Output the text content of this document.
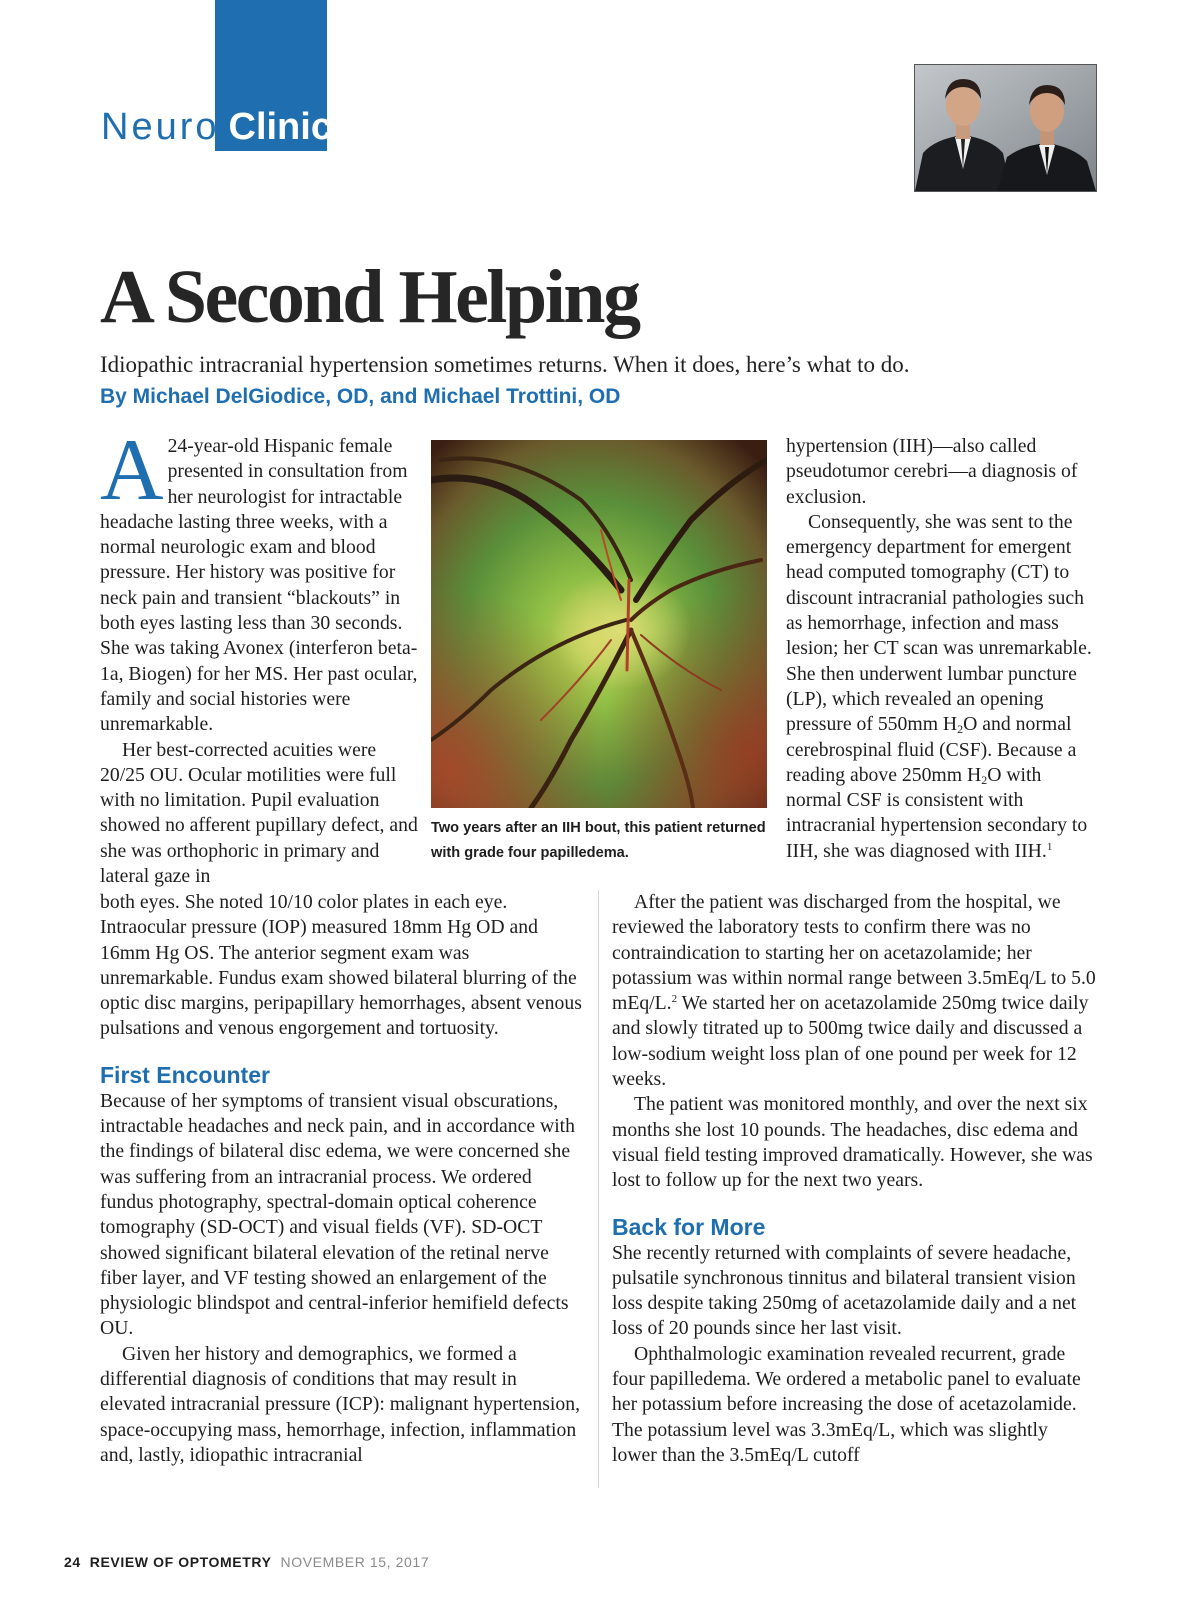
Neuro Clinic
A Second Helping
Idiopathic intracranial hypertension sometimes returns. When it does, here’s what to do.
By Michael DelGiodice, OD, and Michael Trottini, OD

A 24-year-old Hispanic female presented in consultation from her neurologist for intractable headache lasting three weeks, with a normal neurologic exam and blood pressure. Her history was positive for neck pain and transient “blackouts” in both eyes lasting less than 30 seconds. She was taking Avonex (interferon beta-1a, Biogen) for her MS. Her past ocular, family and social histories were unremarkable.

Her best-corrected acuities were 20/25 OU. Ocular motilities were full with no limitation. Pupil evaluation showed no afferent pupillary defect, and she was orthophoric in primary and lateral gaze in

both eyes. She noted 10/10 color plates in each eye. Intraocular pressure (IOP) measured 18mm Hg OD and 16mm Hg OS. The anterior segment exam was unremarkable. Fundus exam showed bilateral blurring of the optic disc margins, peripapillary hemorrhages, absent venous pulsations and venous engorgement and tortuosity.

First Encounter

Because of her symptoms of transient visual obscurations, intractable headaches and neck pain, and in accordance with the findings of bilateral disc edema, we were concerned she was suffering from an intracranial process. We ordered fundus photography, spectral-domain optical coherence tomography (SD-OCT) and visual fields (VF). SD-OCT showed significant bilateral elevation of the retinal nerve fiber layer, and VF testing showed an enlargement of the physiologic blindspot and central-inferior hemifield defects OU.

Given her history and demographics, we formed a differential diagnosis of conditions that may result in elevated intracranial pressure (ICP): malignant hypertension, space-occupying mass, hemorrhage, infection, inflammation and, lastly, idiopathic intracranial

Two years after an IIH bout, this patient returned with grade four papilledema.

hypertension (IIH)—also called pseudotumor cerebri—a diagnosis of exclusion.

Consequently, she was sent to the emergency department for emergent head computed tomography (CT) to discount intracranial pathologies such as hemorrhage, infection and mass lesion; her CT scan was unremarkable. She then underwent lumbar puncture (LP), which revealed an opening pressure of 550mm $H_2O$ and normal cerebrospinal fluid (CSF). Because a reading above 250mm $H_2O$ with normal CSF is consistent with intracranial hypertension secondary to IIH, she was diagnosed with IIH.$^1$

After the patient was discharged from the hospital, we reviewed the laboratory tests to confirm there was no contraindication to starting her on acetazolamide; her potassium was within normal range between 3.5mEq/L to 5.0 mEq/L.$^2$ We started her on acetazolamide 250mg twice daily and slowly titrated up to 500mg twice daily and discussed a low-sodium weight loss plan of one pound per week for 12 weeks.

The patient was monitored monthly, and over the next six months she lost 10 pounds. The headaches, disc edema and visual field testing improved dramatically. However, she was lost to follow up for the next two years.

Back for More

She recently returned with complaints of severe headache, pulsatile synchronous tinnitus and bilateral transient vision loss despite taking 250mg of acetazolamide daily and a net loss of 20 pounds since her last visit.

Ophthalmologic examination revealed recurrent, grade four papilledema. We ordered a metabolic panel to evaluate her potassium before increasing the dose of acetazolamide. The potassium level was 3.3mEq/L, which was slightly lower than the 3.5mEq/L cutoff

24 REVIEW OF OPTOMETRY NOVEMBER 15, 2017
